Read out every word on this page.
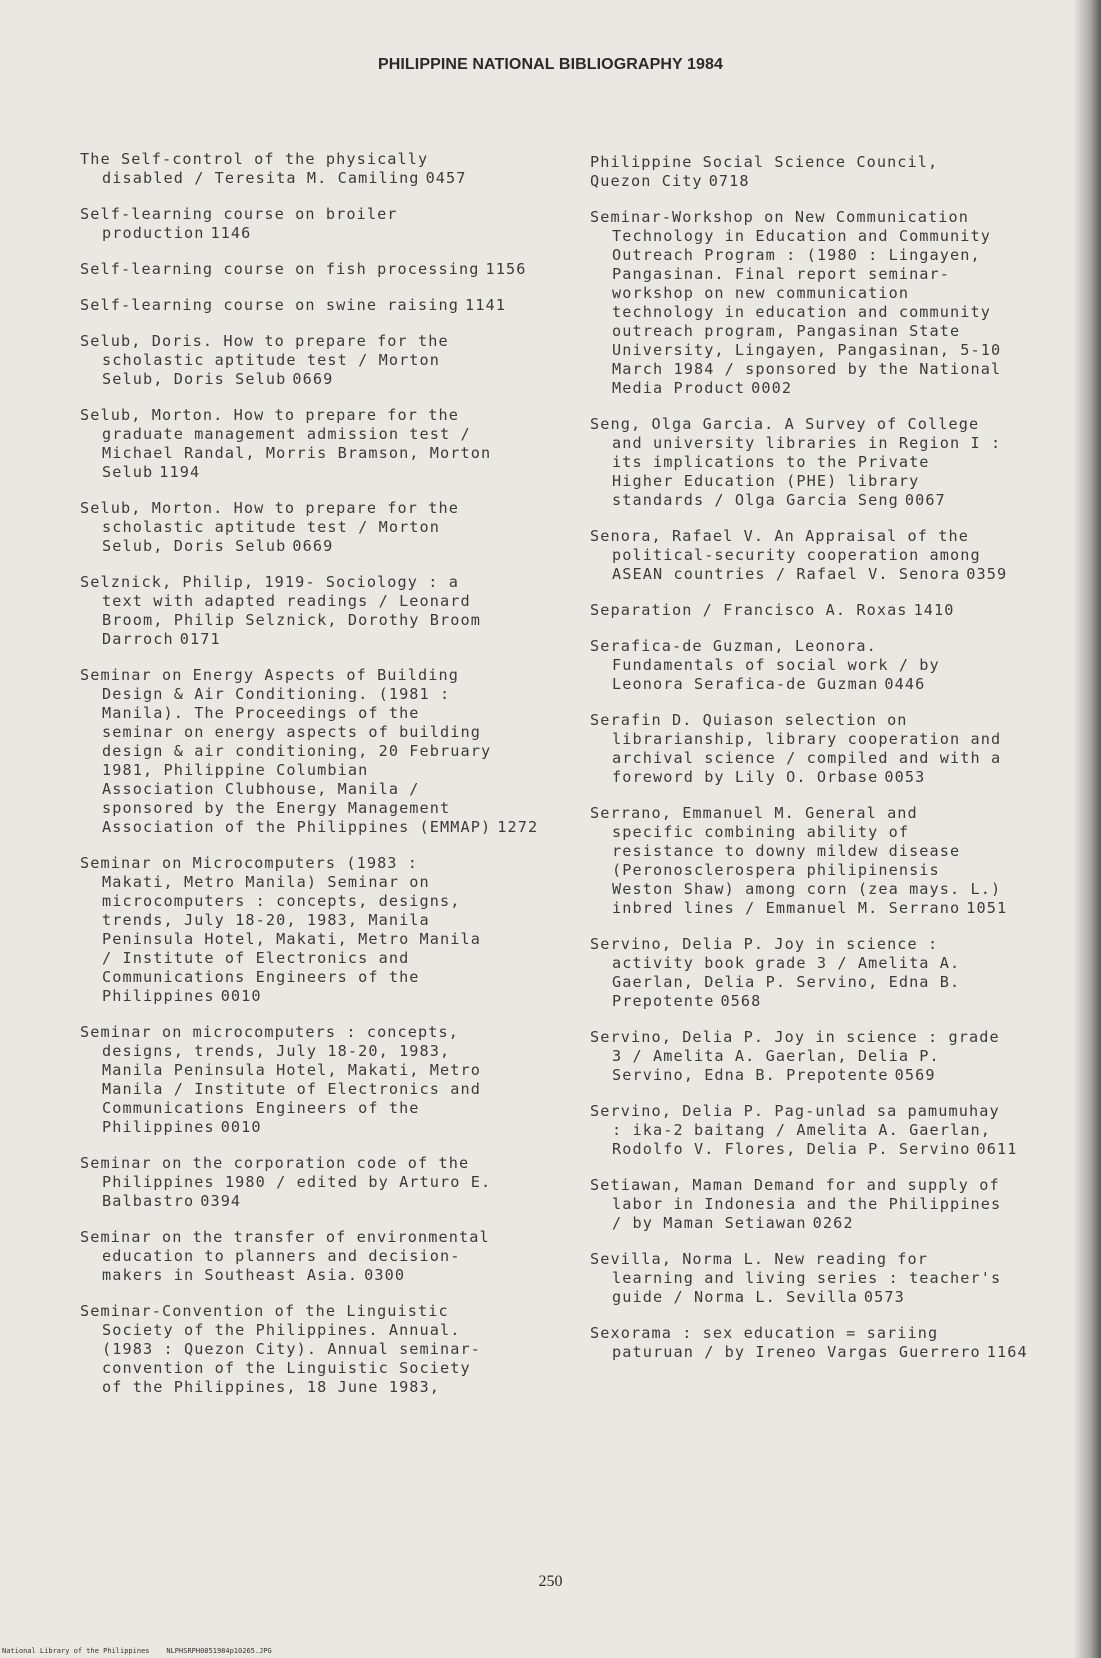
PHILIPPINE NATIONAL BIBLIOGRAPHY 1984
The Self-control of the physically
disabled / Teresita M. Camiling 0457
Self-learning course on broiler
production 1146
Self-learning course on fish processing 1156
Self-learning course on swine raising 1141
Selub, Doris. How to prepare for the
scholastic aptitude test / Morton
Selub, Doris Selub 0669
Selub, Morton. How to prepare for the
graduate management admission test /
Michael Randal, Morris Bramson, Morton
Selub 1194
Selub, Morton. How to prepare for the
scholastic aptitude test / Morton
Selub, Doris Selub 0669
Selznick, Philip, 1919- Sociology : a
text with adapted readings / Leonard
Broom, Philip Selznick, Dorothy Broom
Darroch 0171
Seminar on Energy Aspects of Building
Design & Air Conditioning. (1981 :
Manila). The Proceedings of the
seminar on energy aspects of building
design & air conditioning, 20 February
1981, Philippine Columbian
Association Clubhouse, Manila /
sponsored by the Energy Management
Association of the Philippines (EMMAP) 1272
Seminar on Microcomputers (1983 :
Makati, Metro Manila) Seminar on
microcomputers : concepts, designs,
trends, July 18-20, 1983, Manila
Peninsula Hotel, Makati, Metro Manila
/ Institute of Electronics and
Communications Engineers of the
Philippines 0010
Seminar on microcomputers : concepts,
designs, trends, July 18-20, 1983,
Manila Peninsula Hotel, Makati, Metro
Manila / Institute of Electronics and
Communications Engineers of the
Philippines 0010
Seminar on the corporation code of the
Philippines 1980 / edited by Arturo E.
Balbastro 0394
Seminar on the transfer of environmental
education to planners and decision-
makers in Southeast Asia. 0300
Seminar-Convention of the Linguistic
Society of the Philippines. Annual.
(1983 : Quezon City). Annual seminar-
convention of the Linguistic Society
of the Philippines, 18 June 1983,
Philippine Social Science Council,
Quezon City 0718
Seminar-Workshop on New Communication
Technology in Education and Community
Outreach Program : (1980 : Lingayen,
Pangasinan. Final report seminar-
workshop on new communication
technology in education and community
outreach program, Pangasinan State
University, Lingayen, Pangasinan, 5-10
March 1984 / sponsored by the National
Media Product 0002
Seng, Olga Garcia. A Survey of College
and university libraries in Region I :
its implications to the Private
Higher Education (PHE) library
standards / Olga Garcia Seng 0067
Senora, Rafael V. An Appraisal of the
political-security cooperation among
ASEAN countries / Rafael V. Senora 0359
Separation / Francisco A. Roxas 1410
Serafica-de Guzman, Leonora.
Fundamentals of social work / by
Leonora Serafica-de Guzman 0446
Serafin D. Quiason selection on
librarianship, library cooperation and
archival science / compiled and with a
foreword by Lily O. Orbase 0053
Serrano, Emmanuel M. General and
specific combining ability of
resistance to downy mildew disease
(Peronosclerospera philipinensis
Weston Shaw) among corn (zea mays. L.)
inbred lines / Emmanuel M. Serrano 1051
Servino, Delia P. Joy in science :
activity book grade 3 / Amelita A.
Gaerlan, Delia P. Servino, Edna B.
Prepotente 0568
Servino, Delia P. Joy in science : grade
3 / Amelita A. Gaerlan, Delia P.
Servino, Edna B. Prepotente 0569
Servino, Delia P. Pag-unlad sa pamumuhay
: ika-2 baitang / Amelita A. Gaerlan,
Rodolfo V. Flores, Delia P. Servino 0611
Setiawan, Maman Demand for and supply of
labor in Indonesia and the Philippines
/ by Maman Setiawan 0262
Sevilla, Norma L. New reading for
learning and living series : teacher's
guide / Norma L. Sevilla 0573
Sexorama : sex education = sariing
paturuan / by Ireneo Vargas Guerrero 1164
250
National Library of the Philippines NLPHSRPH0851984p10265.JPG
